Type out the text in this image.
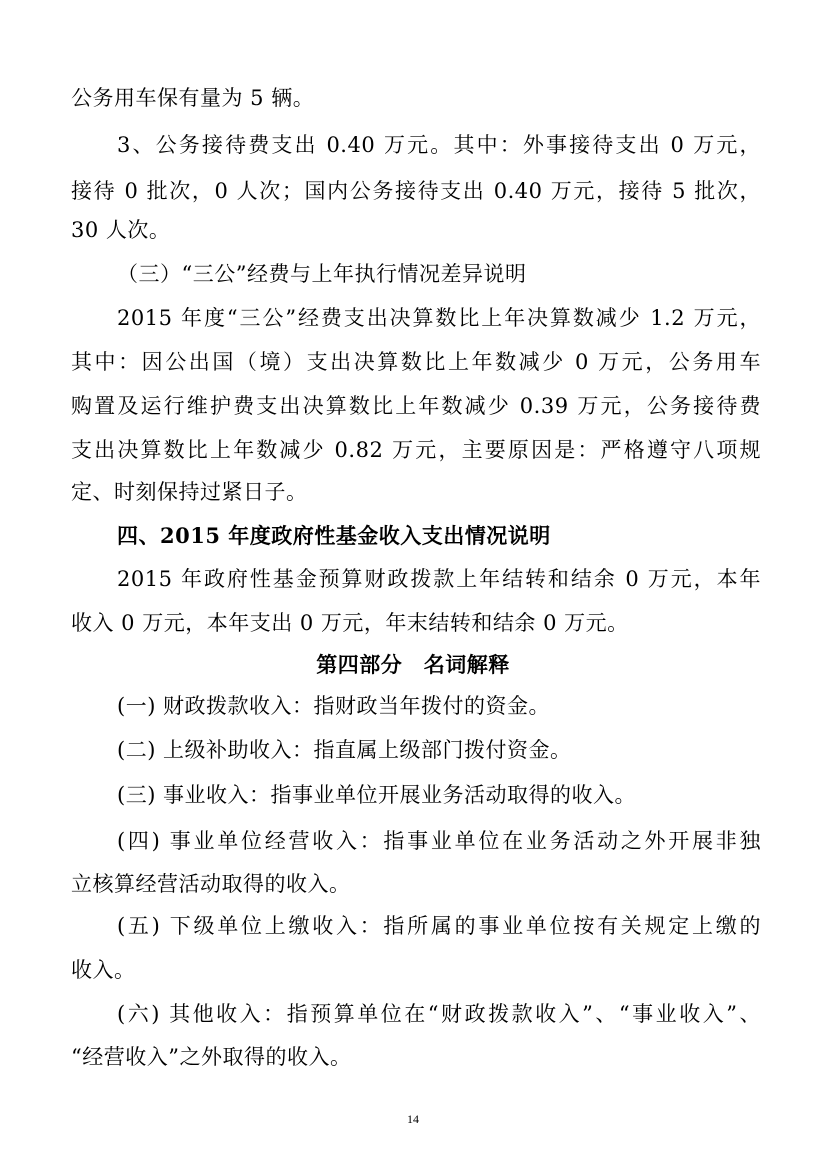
公务用车保有量为 5 辆。
3、公务接待费支出 0.40 万元。其中：外事接待支出 0 万元，
接待 0 批次，0 人次；国内公务接待支出 0.40 万元，接待 5 批次，
30 人次。
（三）“三公”经费与上年执行情况差异说明
2015 年度“三公”经费支出决算数比上年决算数减少 1.2 万元，
其中：因公出国（境）支出决算数比上年数减少 0 万元，公务用车
购置及运行维护费支出决算数比上年数减少 0.39 万元，公务接待费
支出决算数比上年数减少 0.82 万元，主要原因是：严格遵守八项规
定、时刻保持过紧日子。
四、2015 年度政府性基金收入支出情况说明
2015 年政府性基金预算财政拨款上年结转和结余 0 万元，本年
收入 0 万元，本年支出 0 万元，年末结转和结余 0 万元。
第四部分　名词解释
(一) 财政拨款收入：指财政当年拨付的资金。
(二) 上级补助收入：指直属上级部门拨付资金。
(三) 事业收入：指事业单位开展业务活动取得的收入。
(四) 事业单位经营收入：指事业单位在业务活动之外开展非独
立核算经营活动取得的收入。
(五) 下级单位上缴收入：指所属的事业单位按有关规定上缴的
收入。
(六) 其他收入：指预算单位在“财政拨款收入”、“事业收入”、
“经营收入”之外取得的收入。
14
